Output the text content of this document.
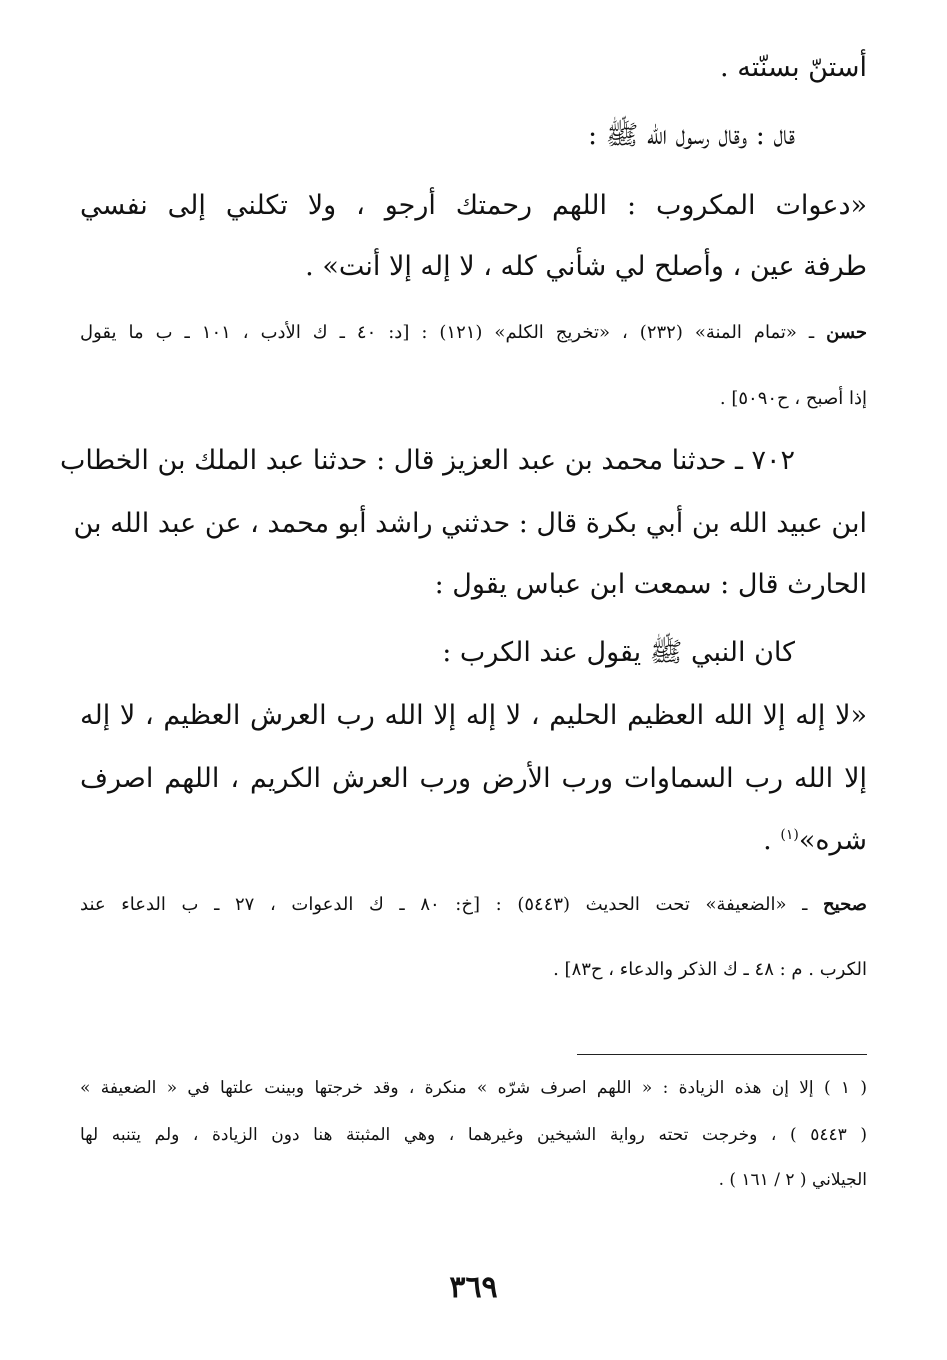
أستنّ بسنّته .
قال : وقال رسول الله ﷺ :
«دعوات المكروب : اللهم رحمتك أرجو ، ولا تكلني إلى نفسي
طرفة عين ، وأصلح لي شأني كله ، لا إله إلا أنت» .
حسن ـ «تمام المنة» (٢٣٢) ، «تخريج الكلم» (١٢١) : [د: ٤٠ ـ ك الأدب ، ١٠١ ـ ب ما يقول
إذا أصبح ، ح٥٠٩٠] .
٧٠٢ ـ حدثنا محمد بن عبد العزيز قال : حدثنا عبد الملك بن الخطاب
ابن عبيد الله بن أبي بكرة قال : حدثني راشد أبو محمد ، عن عبد الله بن
الحارث قال : سمعت ابن عباس يقول :
كان النبي ﷺ يقول عند الكرب :
«لا إله إلا الله العظيم الحليم ، لا إله إلا الله رب العرش العظيم ، لا إله
إلا الله رب السماوات ورب الأرض ورب العرش الكريم ، اللهم اصرف
شره»$^{(١)}$ .
صحيح ـ «الضعيفة» تحت الحديث (٥٤٤٣) : [خ: ٨٠ ـ ك الدعوات ، ٢٧ ـ ب الدعاء عند
الكرب . م : ٤٨ ـ ك الذكر والدعاء ، ح٨٣] .
( ١ ) إلا إن هذه الزيادة : « اللهم اصرف شرّه » منكرة ، وقد خرجتها وبينت علتها في « الضعيفة »
( ٥٤٤٣ ) ، وخرجت تحته رواية الشيخين وغيرهما ، وهي المثبتة هنا دون الزيادة ، ولم يتنبه لها
الجيلاني ( ٢ / ١٦١ ) .
٣٦٩
